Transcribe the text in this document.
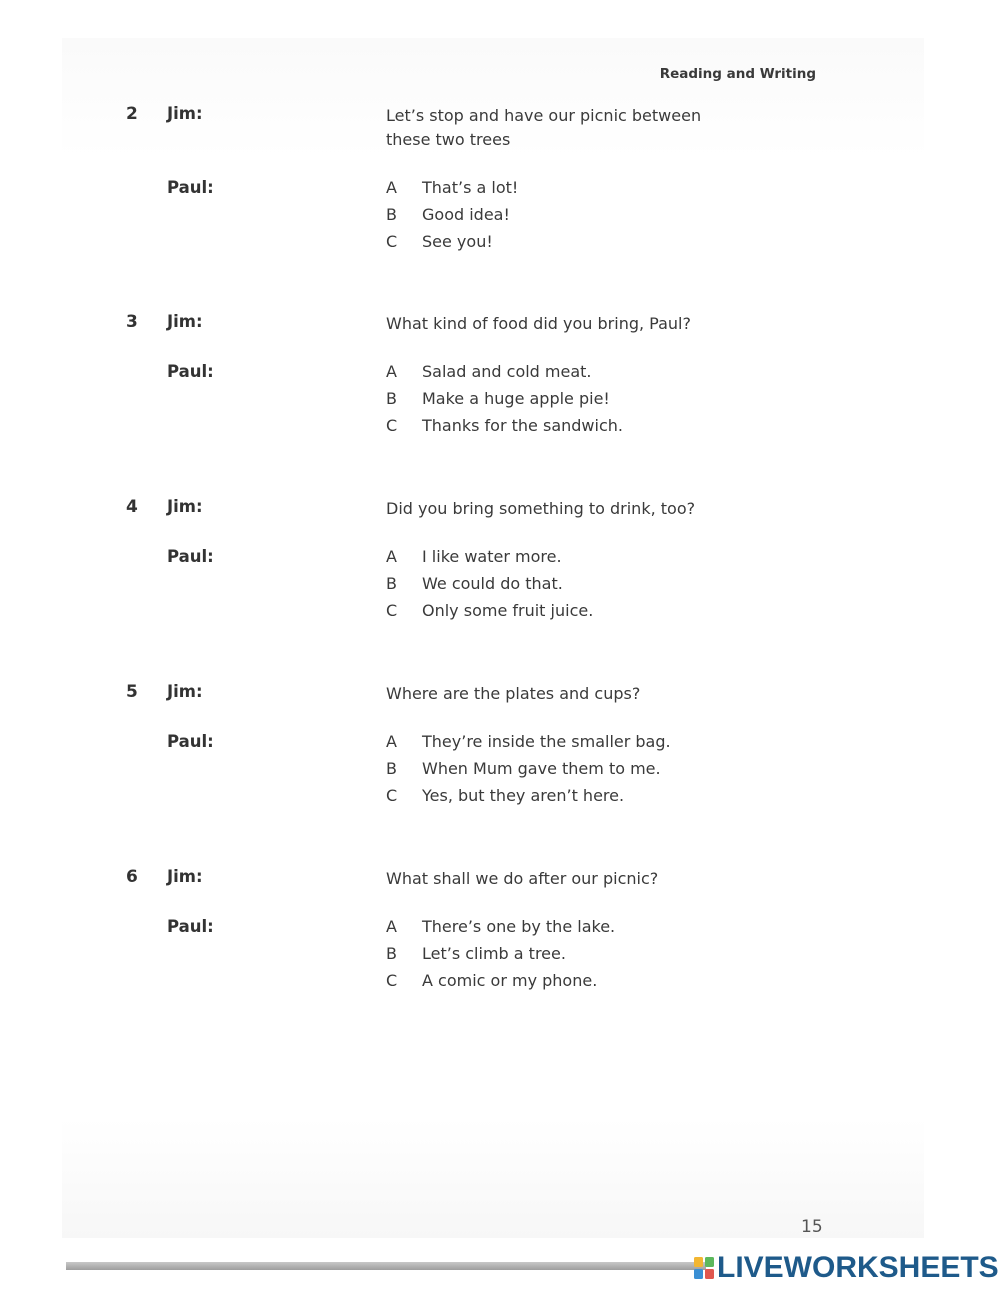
Reading and Writing
2 Jim:	Let’s stop and have our picnic between these two trees
Paul:	A That’s a lot!
B Good idea!
C See you!
3 Jim:	What kind of food did you bring, Paul?
Paul:	A Salad and cold meat.
B Make a huge apple pie!
C Thanks for the sandwich.
4 Jim:	Did you bring something to drink, too?
Paul:	A I like water more.
B We could do that.
C Only some fruit juice.
5 Jim:	Where are the plates and cups?
Paul:	A They’re inside the smaller bag.
B When Mum gave them to me.
C Yes, but they aren’t here.
6 Jim:	What shall we do after our picnic?
Paul:	A There’s one by the lake.
B Let’s climb a tree.
C A comic or my phone.
15
LIVEWORKSHEETS
